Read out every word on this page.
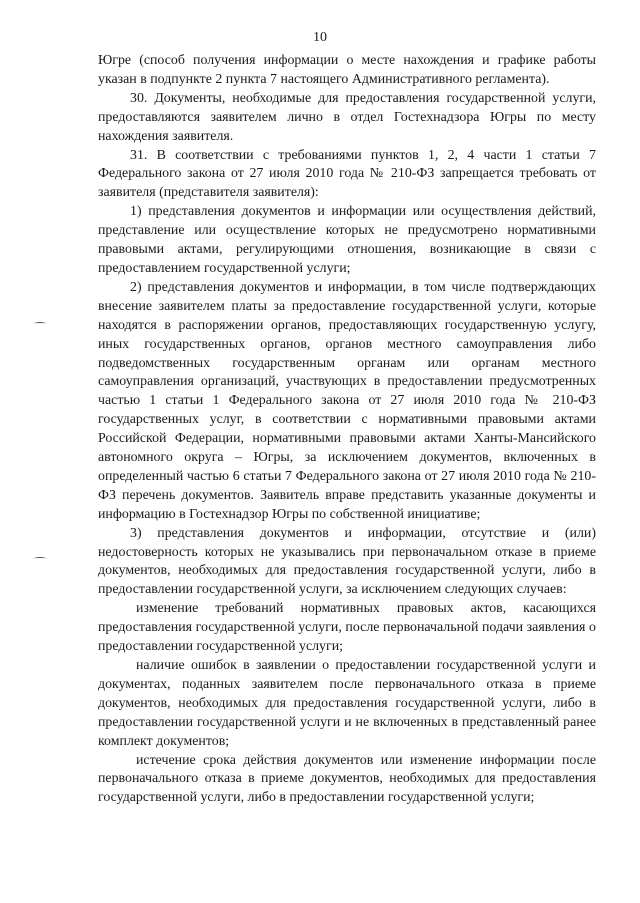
10

Югре (способ получения информации о месте нахождения и графике работы указан в подпункте 2 пункта 7 настоящего Административного регламента).

30. Документы, необходимые для предоставления государственной услуги, предоставляются заявителем лично в отдел Гостехнадзора Югры по месту нахождения заявителя.

31. В соответствии с требованиями пунктов 1, 2, 4 части 1 статьи 7 Федерального закона от 27 июля 2010 года № 210-ФЗ запрещается требовать от заявителя (представителя заявителя):

1) представления документов и информации или осуществления действий, представление или осуществление которых не предусмотрено нормативными правовыми актами, регулирующими отношения, возникающие в связи с предоставлением государственной услуги;

2) представления документов и информации, в том числе подтверждающих внесение заявителем платы за предоставление государственной услуги, которые находятся в распоряжении органов, предоставляющих государственную услугу, иных государственных органов, органов местного самоуправления либо подведомственных государственным органам или органам местного самоуправления организаций, участвующих в предоставлении предусмотренных частью 1 статьи 1 Федерального закона от 27 июля 2010 года № 210-ФЗ государственных услуг, в соответствии с нормативными правовыми актами Российской Федерации, нормативными правовыми актами Ханты-Мансийского автономного округа – Югры, за исключением документов, включенных в определенный частью 6 статьи 7 Федерального закона от 27 июля 2010 года № 210-ФЗ перечень документов. Заявитель вправе представить указанные документы и информацию в Гостехнадзор Югры по собственной инициативе;

3) представления документов и информации, отсутствие и (или) недостоверность которых не указывались при первоначальном отказе в приеме документов, необходимых для предоставления государственной услуги, либо в предоставлении государственной услуги, за исключением следующих случаев:

изменение требований нормативных правовых актов, касающихся предоставления государственной услуги, после первоначальной подачи заявления о предоставлении государственной услуги;

наличие ошибок в заявлении о предоставлении государственной услуги и документах, поданных заявителем после первоначального отказа в приеме документов, необходимых для предоставления государственной услуги, либо в предоставлении государственной услуги и не включенных в представленный ранее комплект документов;

истечение срока действия документов или изменение информации после первоначального отказа в приеме документов, необходимых для предоставления государственной услуги, либо в предоставлении государственной услуги;
